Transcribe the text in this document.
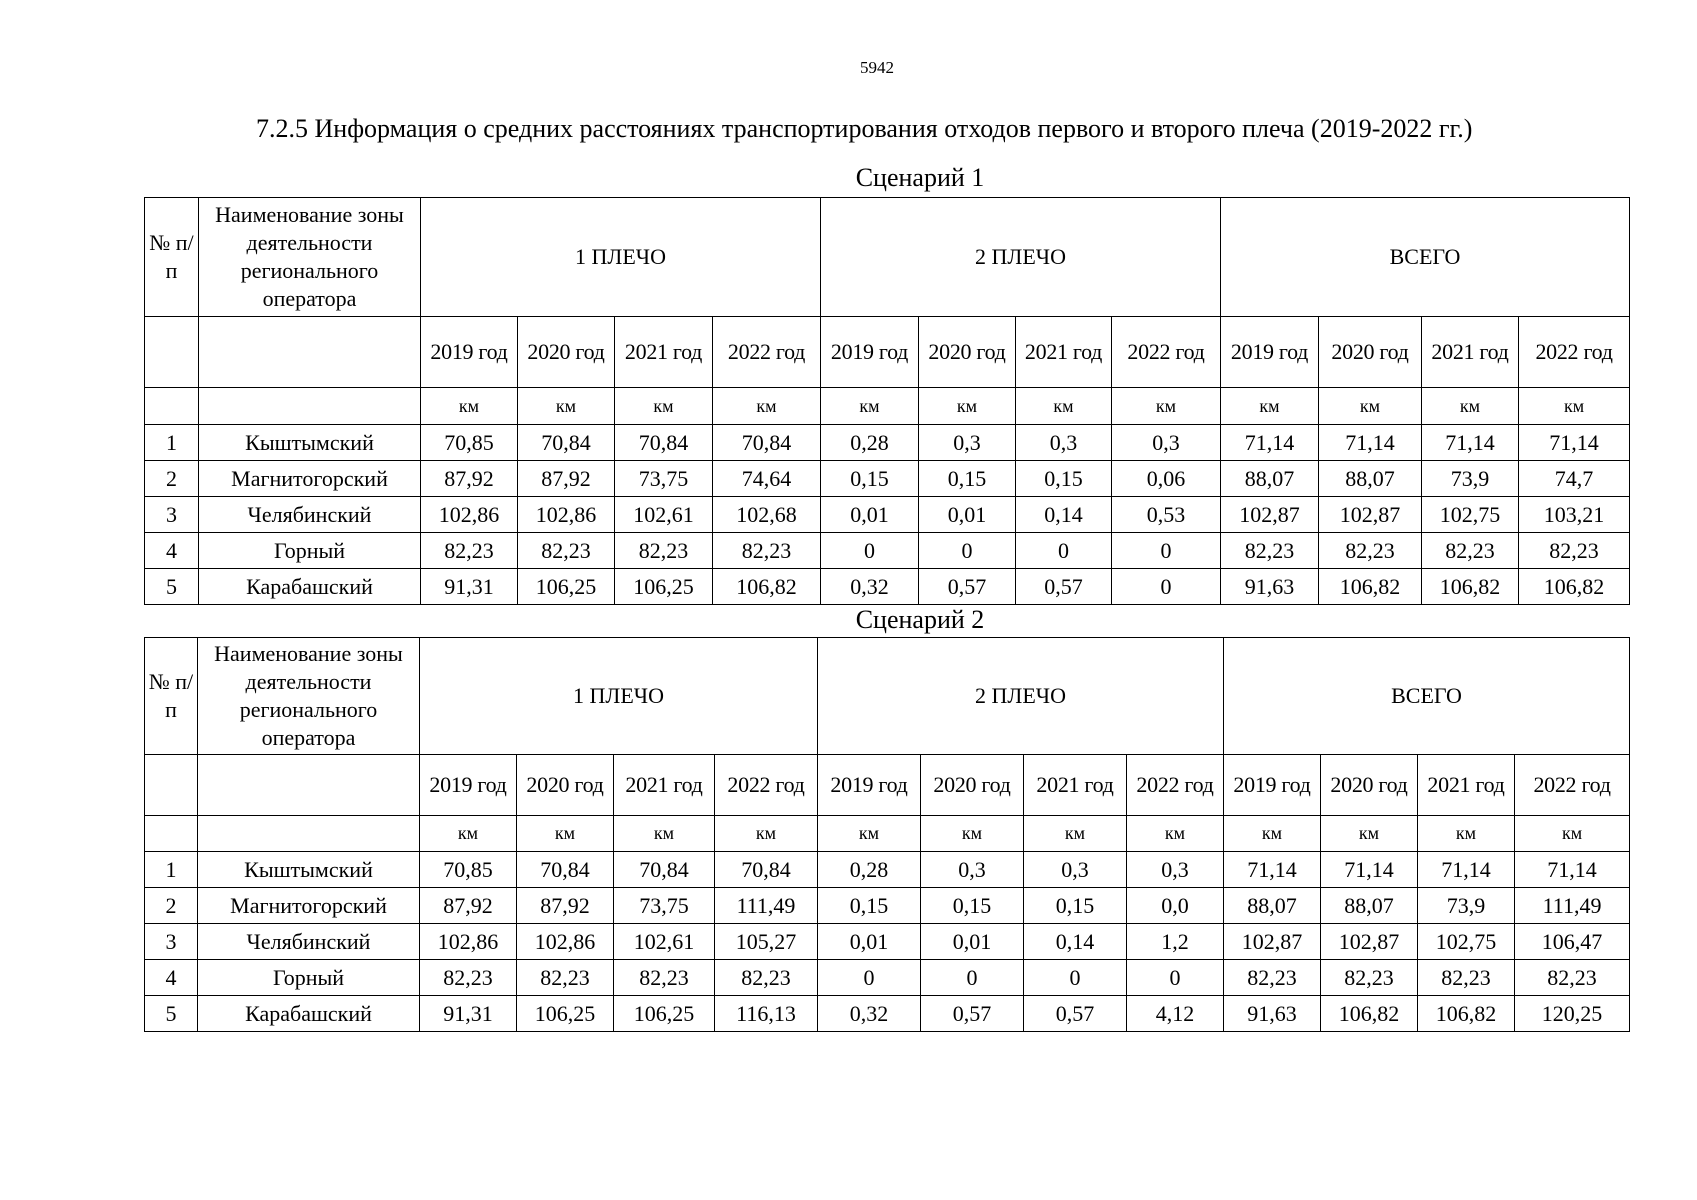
5942
7.2.5 Информация о средних расстояниях транспортирования отходов первого и второго плеча (2019-2022 гг.)
Сценарий 1
№ п/п	Наименование зоны деятельности регионального оператора	1 ПЛЕЧО				2 ПЛЕЧО				ВСЕГО			
		2019 год	2020 год	2021 год	2022 год	2019 год	2020 год	2021 год	2022 год	2019 год	2020 год	2021 год	2022 год
		км	км	км	км	км	км	км	км	км	км	км	км
1	Кыштымский	70,85	70,84	70,84	70,84	0,28	0,3	0,3	0,3	71,14	71,14	71,14	71,14
2	Магнитогорский	87,92	87,92	73,75	74,64	0,15	0,15	0,15	0,06	88,07	88,07	73,9	74,7
3	Челябинский	102,86	102,86	102,61	102,68	0,01	0,01	0,14	0,53	102,87	102,87	102,75	103,21
4	Горный	82,23	82,23	82,23	82,23	0	0	0	0	82,23	82,23	82,23	82,23
5	Карабашский	91,31	106,25	106,25	106,82	0,32	0,57	0,57	0	91,63	106,82	106,82	106,82
Сценарий 2
№ п/п	Наименование зоны деятельности регионального оператора	1 ПЛЕЧО				2 ПЛЕЧО				ВСЕГО			
		2019 год	2020 год	2021 год	2022 год	2019 год	2020 год	2021 год	2022 год	2019 год	2020 год	2021 год	2022 год
		км	км	км	км	км	км	км	км	км	км	км	км
1	Кыштымский	70,85	70,84	70,84	70,84	0,28	0,3	0,3	0,3	71,14	71,14	71,14	71,14
2	Магнитогорский	87,92	87,92	73,75	111,49	0,15	0,15	0,15	0,0	88,07	88,07	73,9	111,49
3	Челябинский	102,86	102,86	102,61	105,27	0,01	0,01	0,14	1,2	102,87	102,87	102,75	106,47
4	Горный	82,23	82,23	82,23	82,23	0	0	0	0	82,23	82,23	82,23	82,23
5	Карабашский	91,31	106,25	106,25	116,13	0,32	0,57	0,57	4,12	91,63	106,82	106,82	120,25
